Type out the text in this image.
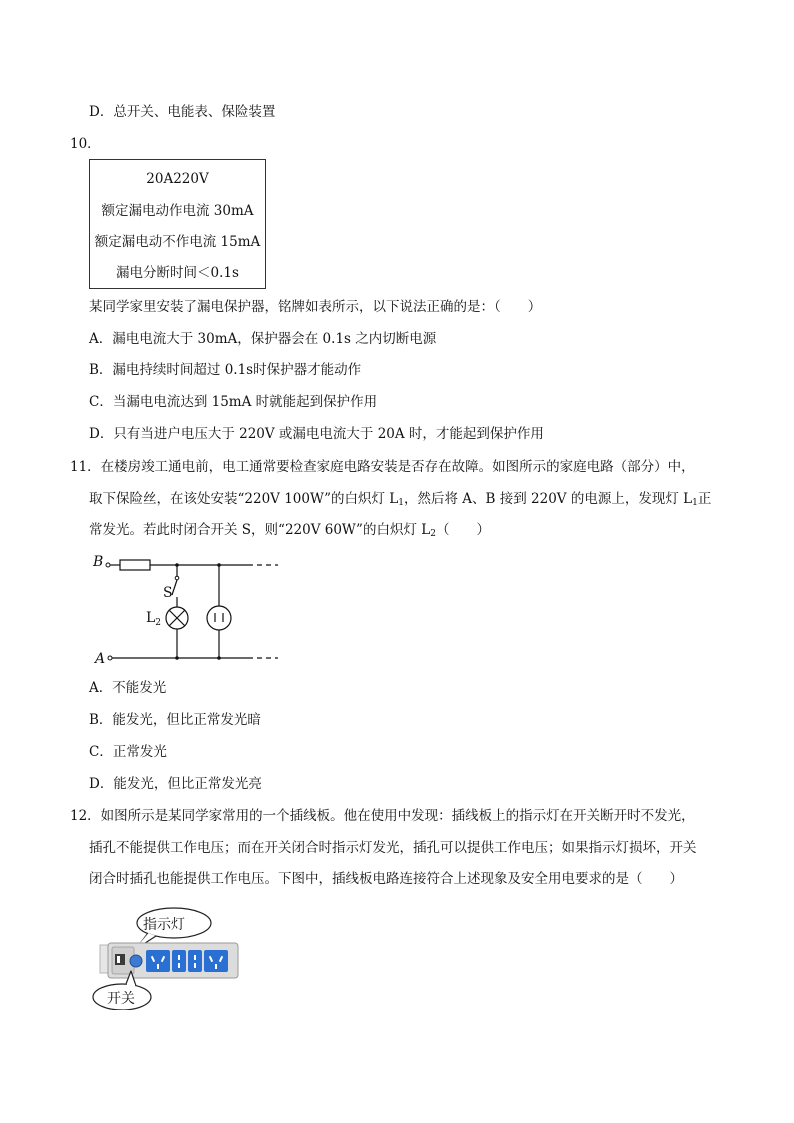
D．总开关、电能表、保险装置
10．
20A220V
额定漏电动作电流 30mA
额定漏电动不作电流 15mA
漏电分断时间＜0.1s
某同学家里安装了漏电保护器，铭牌如表所示，以下说法正确的是：（　　）
A．漏电电流大于 30mA，保护器会在 0.1s 之内切断电源
B．漏电持续时间超过 0.1s时保护器才能动作
C．当漏电电流达到 15mA 时就能起到保护作用
D．只有当进户电压大于 220V 或漏电电流大于 20A 时，才能起到保护作用
11．在楼房竣工通电前，电工通常要检查家庭电路安装是否存在故障。如图所示的家庭电路（部分）中，
取下保险丝，在该处安装“220V 100W”的白炽灯 $L_1$，然后将 A、B 接到 220V 的电源上，发现灯 $L_1$正
常发光。若此时闭合开关 S，则“220V 60W”的白炽灯 $L_2$（　　）
B
S
$L_2$
A
A．不能发光
B．能发光，但比正常发光暗
C．正常发光
D．能发光，但比正常发光亮
12．如图所示是某同学家常用的一个插线板。他在使用中发现：插线板上的指示灯在开关断开时不发光，
插孔不能提供工作电压；而在开关闭合时指示灯发光，插孔可以提供工作电压；如果指示灯损坏，开关
闭合时插孔也能提供工作电压。下图中，插线板电路连接符合上述现象及安全用电要求的是（　　）
指示灯
开关
